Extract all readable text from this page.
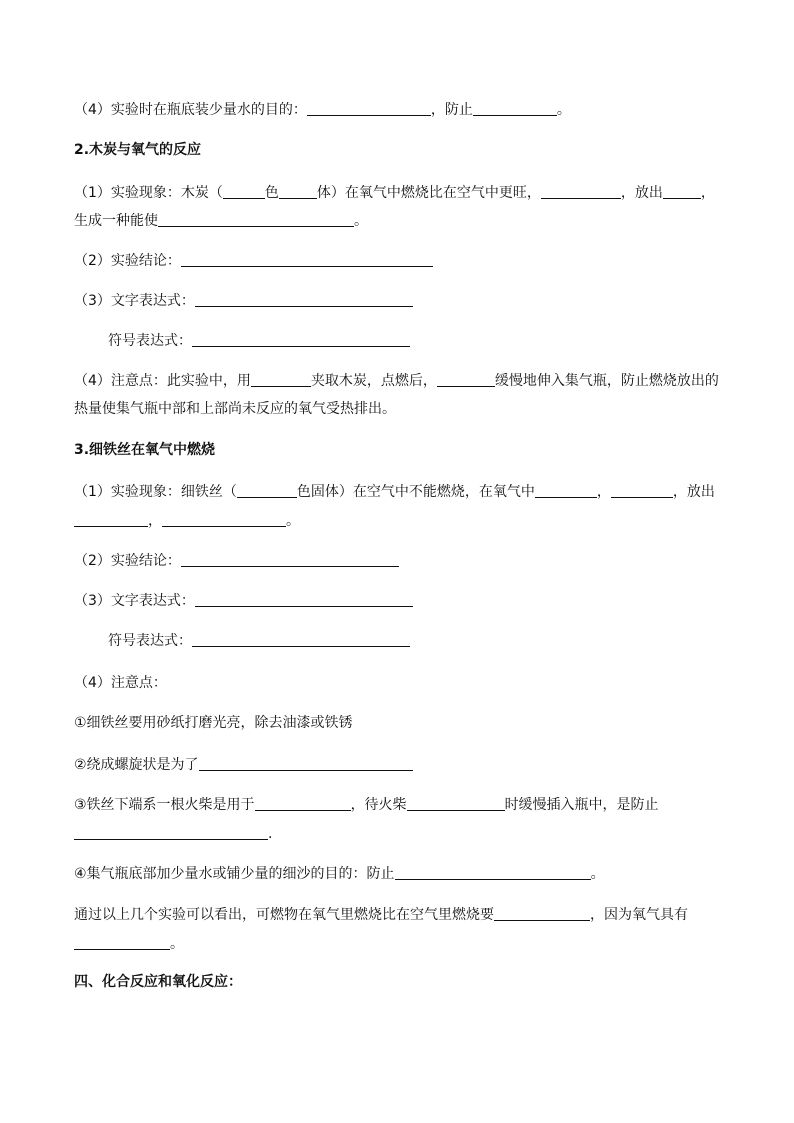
（4）实验时在瓶底装少量水的目的：	，防止	。
2.木炭与氧气的反应
（1）实验现象：木炭（	色	体）在氧气中燃烧比在空气中更旺，	，放出	，
生成一种能使	。
（2）实验结论：
（3）文字表达式：
符号表达式：
（4）注意点：此实验中，用	夹取木炭，点燃后，	缓慢地伸入集气瓶，防止燃烧放出的
热量使集气瓶中部和上部尚未反应的氧气受热排出。
3.细铁丝在氧气中燃烧
（1）实验现象：细铁丝（	色固体）在空气中不能燃烧，在氧气中	，	，放出
，	。
（2）实验结论：
（3）文字表达式：
符号表达式：
（4）注意点：
①细铁丝要用砂纸打磨光亮，除去油漆或铁锈
②绕成螺旋状是为了
③铁丝下端系一根火柴是用于	，待火柴	时缓慢插入瓶中，是防止
.
④集气瓶底部加少量水或铺少量的细沙的目的：防止	。
通过以上几个实验可以看出，可燃物在氧气里燃烧比在空气里燃烧要	，因为氧气具有
。
四、化合反应和氧化反应：
